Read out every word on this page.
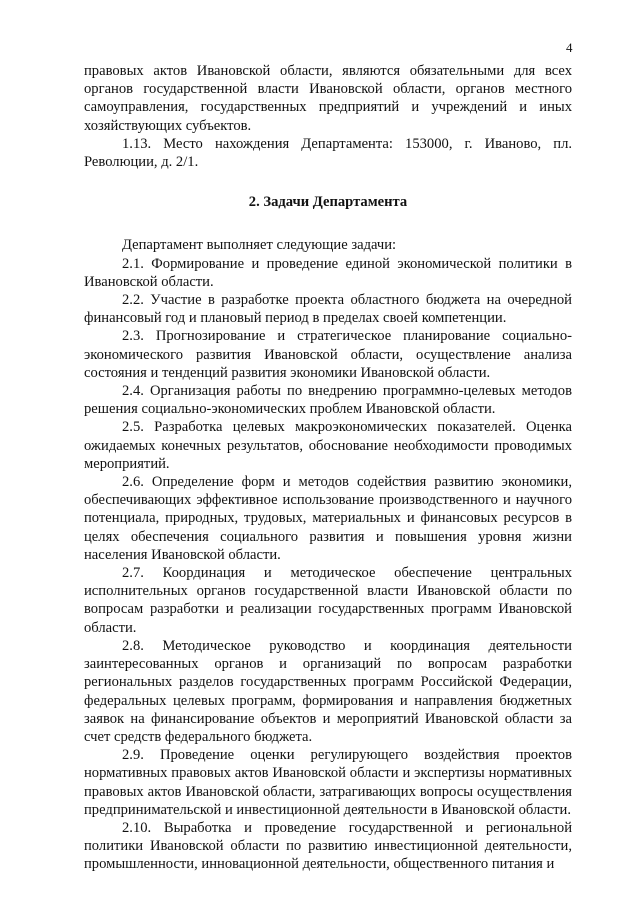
4

правовых актов Ивановской области, являются обязательными для всех органов государственной власти Ивановской области, органов местного самоуправления, государственных предприятий и учреждений и иных хозяйствующих субъектов.

1.13. Место нахождения Департамента: 153000, г. Иваново, пл. Революции, д. 2/1.

2. Задачи Департамента

Департамент выполняет следующие задачи:

2.1. Формирование и проведение единой экономической политики в Ивановской области.

2.2. Участие в разработке проекта областного бюджета на очередной финансовый год и плановый период в пределах своей компетенции.

2.3. Прогнозирование и стратегическое планирование социально-экономического развития Ивановской области, осуществление анализа состояния и тенденций развития экономики Ивановской области.

2.4. Организация работы по внедрению программно-целевых методов решения социально-экономических проблем Ивановской области.

2.5. Разработка целевых макроэкономических показателей. Оценка ожидаемых конечных результатов, обоснование необходимости проводимых мероприятий.

2.6. Определение форм и методов содействия развитию экономики, обеспечивающих эффективное использование производственного и научного потенциала, природных, трудовых, материальных и финансовых ресурсов в целях обеспечения социального развития и повышения уровня жизни населения Ивановской области.

2.7. Координация и методическое обеспечение центральных исполнительных органов государственной власти Ивановской области по вопросам разработки и реализации государственных программ Ивановской области.

2.8. Методическое руководство и координация деятельности заинтересованных органов и организаций по вопросам разработки региональных разделов государственных программ Российской Федерации, федеральных целевых программ, формирования и направления бюджетных заявок на финансирование объектов и мероприятий Ивановской области за счет средств федерального бюджета.

2.9. Проведение оценки регулирующего воздействия проектов нормативных правовых актов Ивановской области и экспертизы нормативных правовых актов Ивановской области, затрагивающих вопросы осуществления предпринимательской и инвестиционной деятельности в Ивановской области.

2.10. Выработка и проведение государственной и региональной политики Ивановской области по развитию инвестиционной деятельности, промышленности, инновационной деятельности, общественного питания и
